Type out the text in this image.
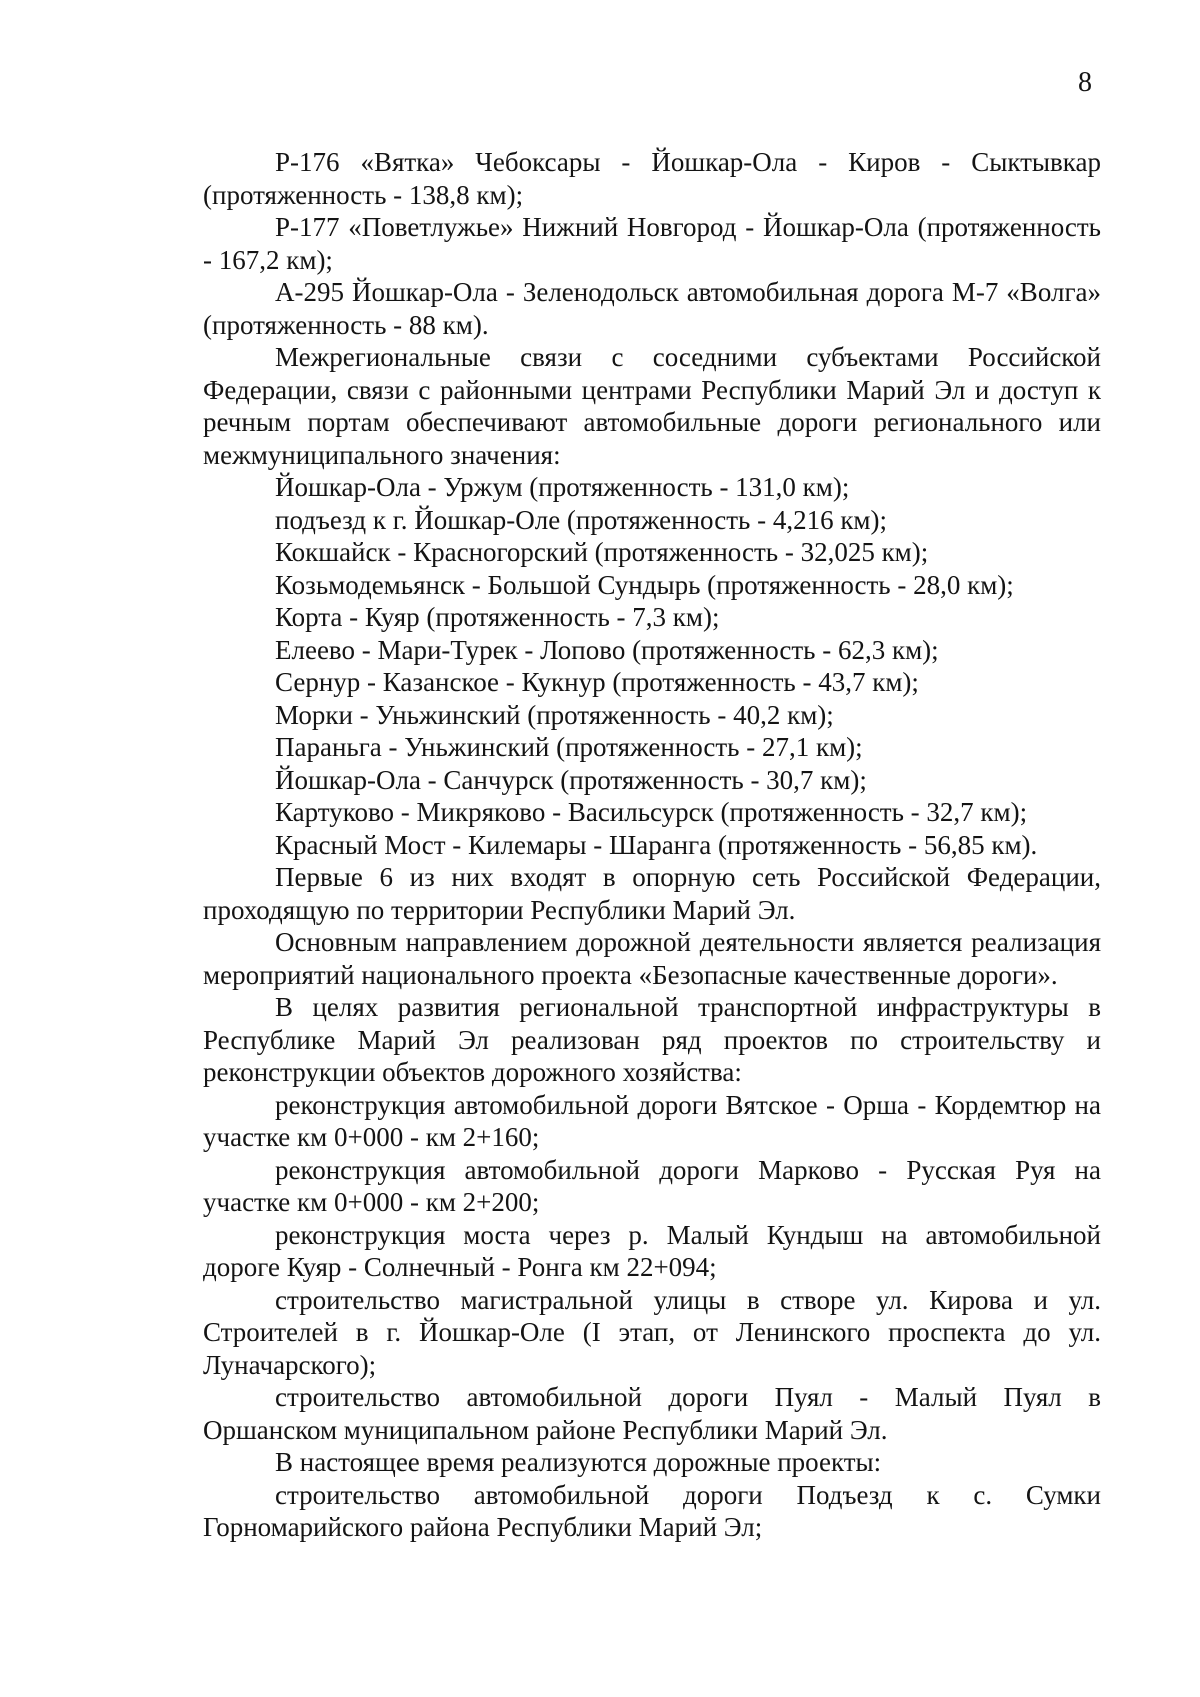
8

Р-176 «Вятка» Чебоксары - Йошкар-Ола - Киров - Сыктывкар (протяженность - 138,8 км);

Р-177 «Поветлужье» Нижний Новгород - Йошкар-Ола (протяженность - 167,2 км);

А-295 Йошкар-Ола - Зеленодольск автомобильная дорога М-7 «Волга» (протяженность - 88 км).

Межрегиональные связи с соседними субъектами Российской Федерации, связи с районными центрами Республики Марий Эл и доступ к речным портам обеспечивают автомобильные дороги регионального или межмуниципального значения:

Йошкар-Ола - Уржум (протяженность - 131,0 км);

подъезд к г. Йошкар-Оле (протяженность - 4,216 км);

Кокшайск - Красногорский (протяженность - 32,025 км);

Козьмодемьянск - Большой Сундырь (протяженность - 28,0 км);

Корта - Куяр (протяженность - 7,3 км);

Елеево - Мари-Турек - Лопово (протяженность - 62,3 км);

Сернур - Казанское - Кукнур (протяженность - 43,7 км);

Морки - Уньжинский (протяженность - 40,2 км);

Параньга - Уньжинский (протяженность - 27,1 км);

Йошкар-Ола - Санчурск (протяженность - 30,7 км);

Картуково - Микряково - Васильсурск (протяженность - 32,7 км);

Красный Мост - Килемары - Шаранга (протяженность - 56,85 км).

Первые 6 из них входят в опорную сеть Российской Федерации, проходящую по территории Республики Марий Эл.

Основным направлением дорожной деятельности является реализация мероприятий национального проекта «Безопасные качественные дороги».

В целях развития региональной транспортной инфраструктуры в Республике Марий Эл реализован ряд проектов по строительству и реконструкции объектов дорожного хозяйства:

реконструкция автомобильной дороги Вятское - Орша - Кордемтюр на участке км 0+000 - км 2+160;

реконструкция автомобильной дороги Марково - Русская Руя на участке км 0+000 - км 2+200;

реконструкция моста через р. Малый Кундыш на автомобильной дороге Куяр - Солнечный - Ронга км 22+094;

строительство магистральной улицы в створе ул. Кирова и ул. Строителей в г. Йошкар-Оле (I этап, от Ленинского проспекта до ул. Луначарского);

строительство автомобильной дороги Пуял - Малый Пуял в Оршанском муниципальном районе Республики Марий Эл.

В настоящее время реализуются дорожные проекты:

строительство автомобильной дороги Подъезд к с. Сумки Горномарийского района Республики Марий Эл;
